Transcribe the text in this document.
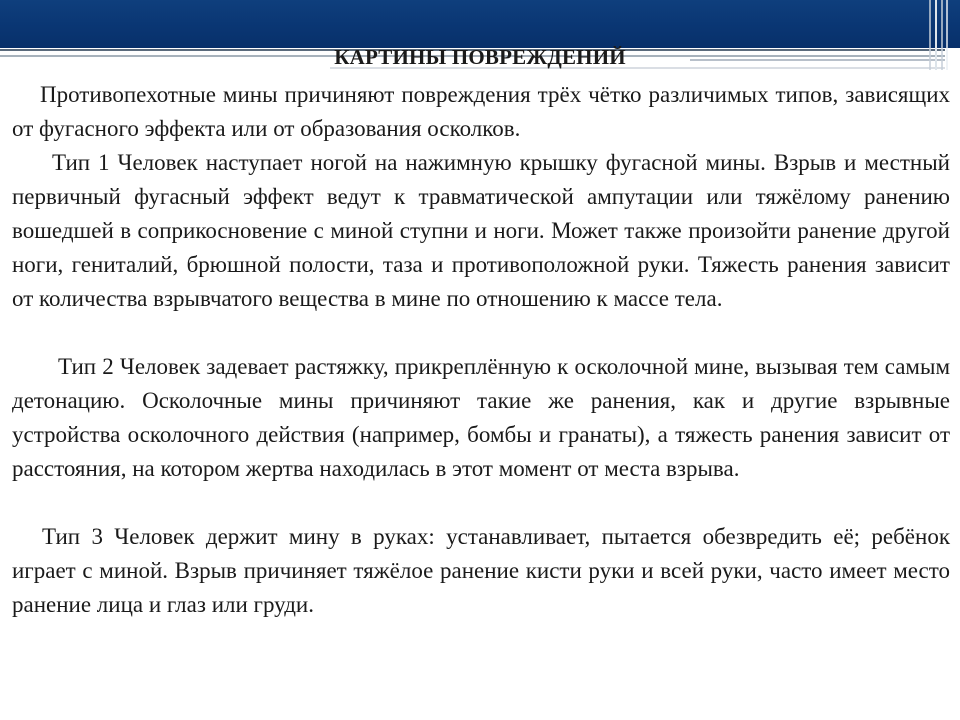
КАРТИНЫ ПОВРЕЖДЕНИЙ

Противопехотные мины причиняют повреждения трёх чётко различимых типов, зависящих от фугасного эффекта или от образования осколков.

Тип 1 Человек наступает ногой на нажимную крышку фугасной мины. Взрыв и местный первичный фугасный эффект ведут к травматической ампутации или тяжёлому ранению вошедшей в соприкосновение с миной ступни и ноги. Может также произойти ранение другой ноги, гениталий, брюшной полости, таза и противоположной руки. Тяжесть ранения зависит от количества взрывчатого вещества в мине по отношению к массе тела.

Тип 2 Человек задевает растяжку, прикреплённую к осколочной мине, вызывая тем самым детонацию. Осколочные мины причиняют такие же ранения, как и другие взрывные устройства осколочного действия (например, бомбы и гранаты), а тяжесть ранения зависит от расстояния, на котором жертва находилась в этот момент от места взрыва.

Тип 3 Человек держит мину в руках: устанавливает, пытается обезвредить её; ребёнок играет с миной. Взрыв причиняет тяжёлое ранение кисти руки и всей руки, часто имеет место ранение лица и глаз или груди.
